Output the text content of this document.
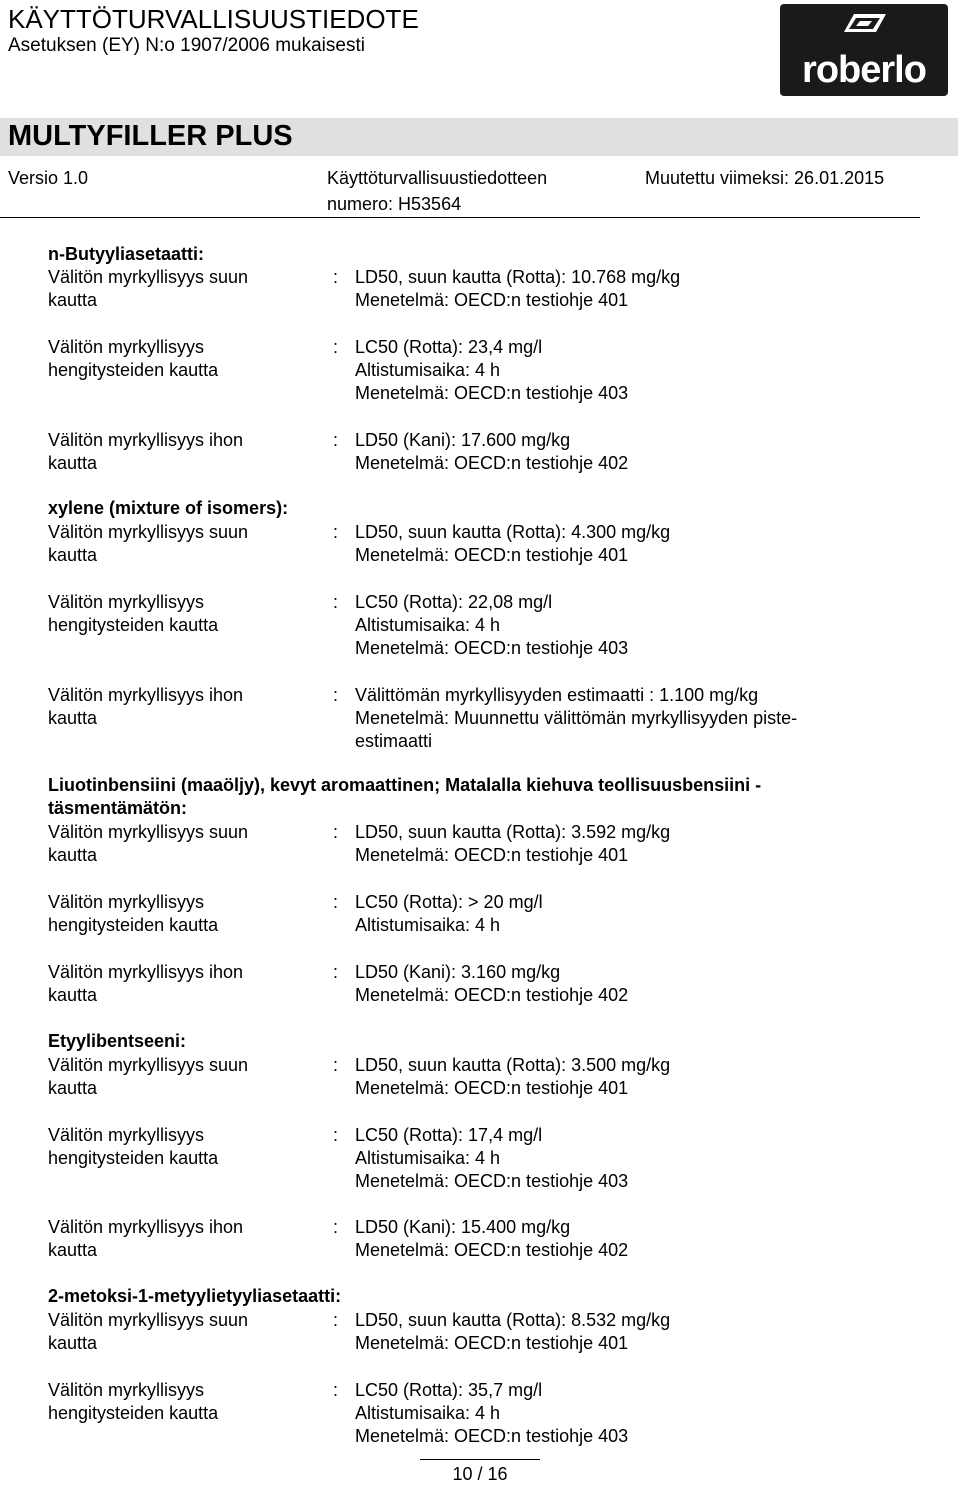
KÄYTTÖTURVALLISUUSTIEDOTE
Asetuksen (EY) N:o 1907/2006 mukaisesti
roberlo
MULTYFILLER PLUS
Versio 1.0	Käyttöturvallisuustiedotteen
numero: H53564
Muutettu viimeksi: 26.01.2015
n-Butyyliasetaatti:
Välitön myrkyllisyys suun
kautta
: LD50, suun kautta (Rotta): 10.768 mg/kg
Menetelmä: OECD:n testiohje 401
Välitön myrkyllisyys
hengitysteiden kautta
: LC50 (Rotta): 23,4 mg/l
Altistumisaika: 4 h
Menetelmä: OECD:n testiohje 403
Välitön myrkyllisyys ihon
kautta
: LD50 (Kani): 17.600 mg/kg
Menetelmä: OECD:n testiohje 402
xylene (mixture of isomers):
Välitön myrkyllisyys suun
kautta
: LD50, suun kautta (Rotta): 4.300 mg/kg
Menetelmä: OECD:n testiohje 401
Välitön myrkyllisyys
hengitysteiden kautta
: LC50 (Rotta): 22,08 mg/l
Altistumisaika: 4 h
Menetelmä: OECD:n testiohje 403
Välitön myrkyllisyys ihon
kautta
: Välittömän myrkyllisyyden estimaatti : 1.100 mg/kg
Menetelmä: Muunnettu välittömän myrkyllisyyden piste-
estimaatti
Liuotinbensiini (maaöljy), kevyt aromaattinen; Matalalla kiehuva teollisuusbensiini -
täsmentämätön:
Välitön myrkyllisyys suun
kautta
: LD50, suun kautta (Rotta): 3.592 mg/kg
Menetelmä: OECD:n testiohje 401
Välitön myrkyllisyys
hengitysteiden kautta
: LC50 (Rotta): > 20 mg/l
Altistumisaika: 4 h
Välitön myrkyllisyys ihon
kautta
: LD50 (Kani): 3.160 mg/kg
Menetelmä: OECD:n testiohje 402
Etyylibentseeni:
Välitön myrkyllisyys suun
kautta
: LD50, suun kautta (Rotta): 3.500 mg/kg
Menetelmä: OECD:n testiohje 401
Välitön myrkyllisyys
hengitysteiden kautta
: LC50 (Rotta): 17,4 mg/l
Altistumisaika: 4 h
Menetelmä: OECD:n testiohje 403
Välitön myrkyllisyys ihon
kautta
: LD50 (Kani): 15.400 mg/kg
Menetelmä: OECD:n testiohje 402
2-metoksi-1-metyylietyyliasetaatti:
Välitön myrkyllisyys suun
kautta
: LD50, suun kautta (Rotta): 8.532 mg/kg
Menetelmä: OECD:n testiohje 401
Välitön myrkyllisyys
hengitysteiden kautta
: LC50 (Rotta): 35,7 mg/l
Altistumisaika: 4 h
Menetelmä: OECD:n testiohje 403
10 / 16
